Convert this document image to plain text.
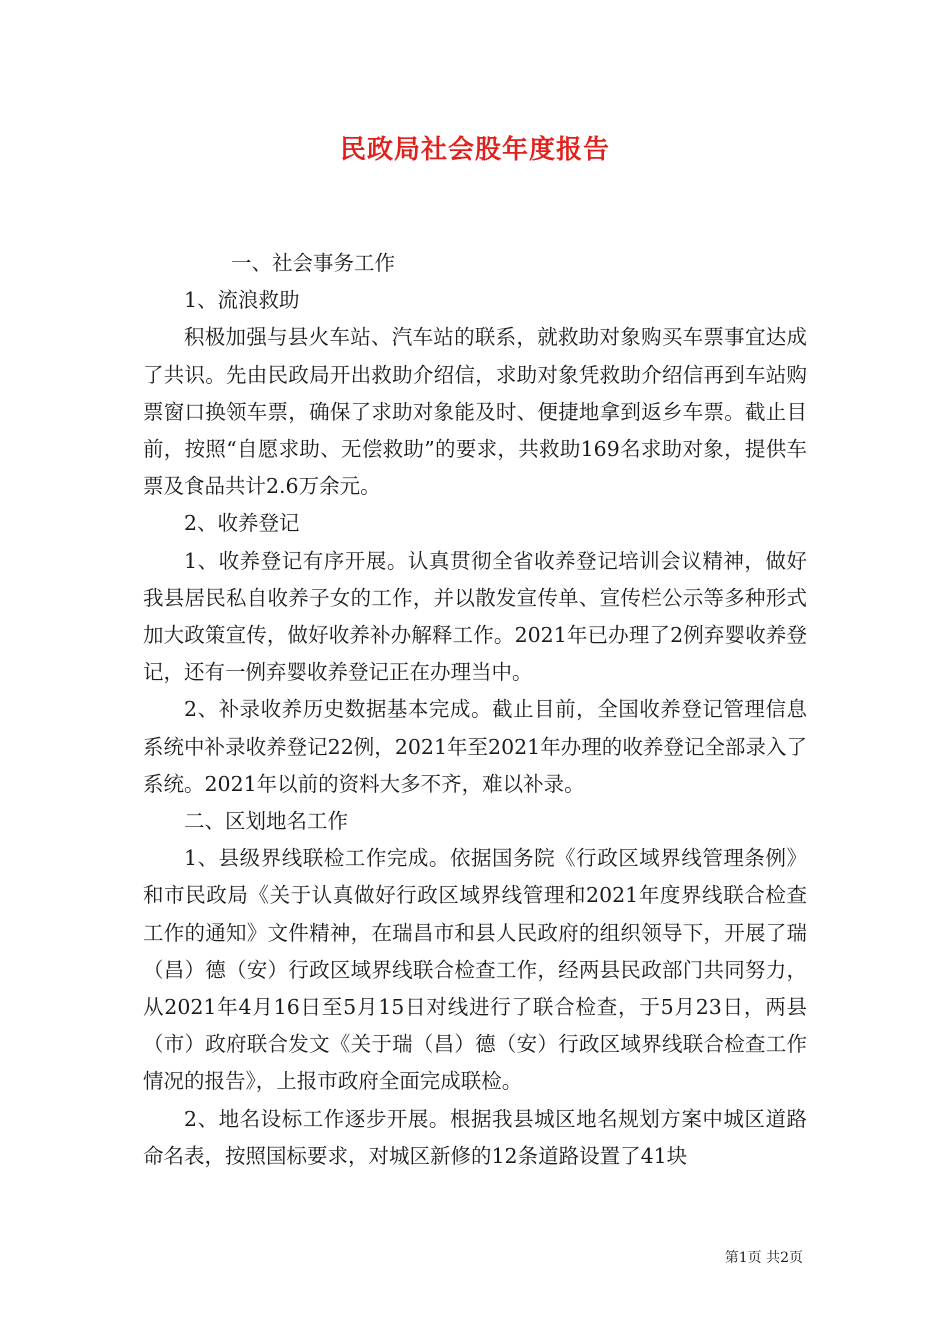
民政局社会股年度报告

一、社会事务工作

1、流浪救助

积极加强与县火车站、汽车站的联系，就救助对象购买车票事宜达成了共识。先由民政局开出救助介绍信，求助对象凭救助介绍信再到车站购票窗口换领车票，确保了求助对象能及时、便捷地拿到返乡车票。截止目前，按照“自愿求助、无偿救助”的要求，共救助169名求助对象，提供车票及食品共计2.6万余元。

2、收养登记

1、收养登记有序开展。认真贯彻全省收养登记培训会议精神，做好我县居民私自收养子女的工作，并以散发宣传单、宣传栏公示等多种形式加大政策宣传，做好收养补办解释工作。2021年已办理了2例弃婴收养登记，还有一例弃婴收养登记正在办理当中。

2、补录收养历史数据基本完成。截止目前，全国收养登记管理信息系统中补录收养登记22例，2021年至2021年办理的收养登记全部录入了系统。2021年以前的资料大多不齐，难以补录。

二、区划地名工作

1、县级界线联检工作完成。依据国务院《行政区域界线管理条例》和市民政局《关于认真做好行政区域界线管理和2021年度界线联合检查工作的通知》文件精神，在瑞昌市和县人民政府的组织领导下，开展了瑞（昌）德（安）行政区域界线联合检查工作，经两县民政部门共同努力，从2021年4月16日至5月15日对线进行了联合检查，于5月23日，两县（市）政府联合发文《关于瑞（昌）德（安）行政区域界线联合检查工作情况的报告》，上报市政府全面完成联检。

2、地名设标工作逐步开展。根据我县城区地名规划方案中城区道路命名表，按照国标要求，对城区新修的12条道路设置了41块

第1页 共2页
